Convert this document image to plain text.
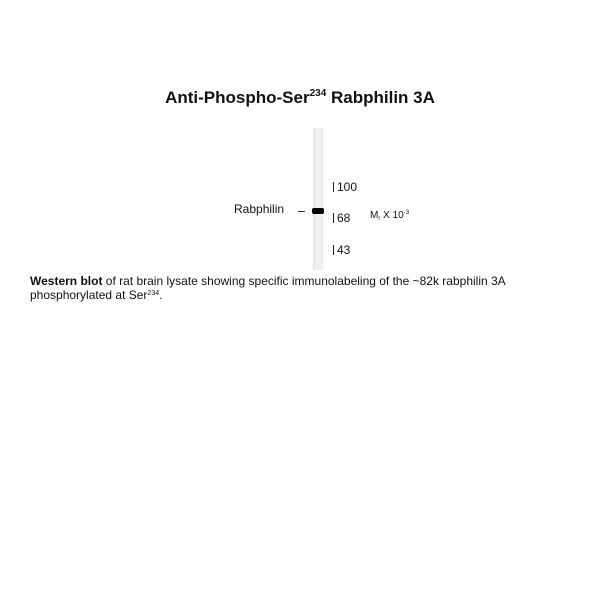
Anti-Phospho-Ser$^{234}$ Rabphilin 3A
Rabphilin
100
68
43
$M_r$ X $10^{-3}$
Western blot of rat brain lysate showing specific immunolabeling of the ~82k rabphilin 3A phosphorylated at Ser$^{234}$.
